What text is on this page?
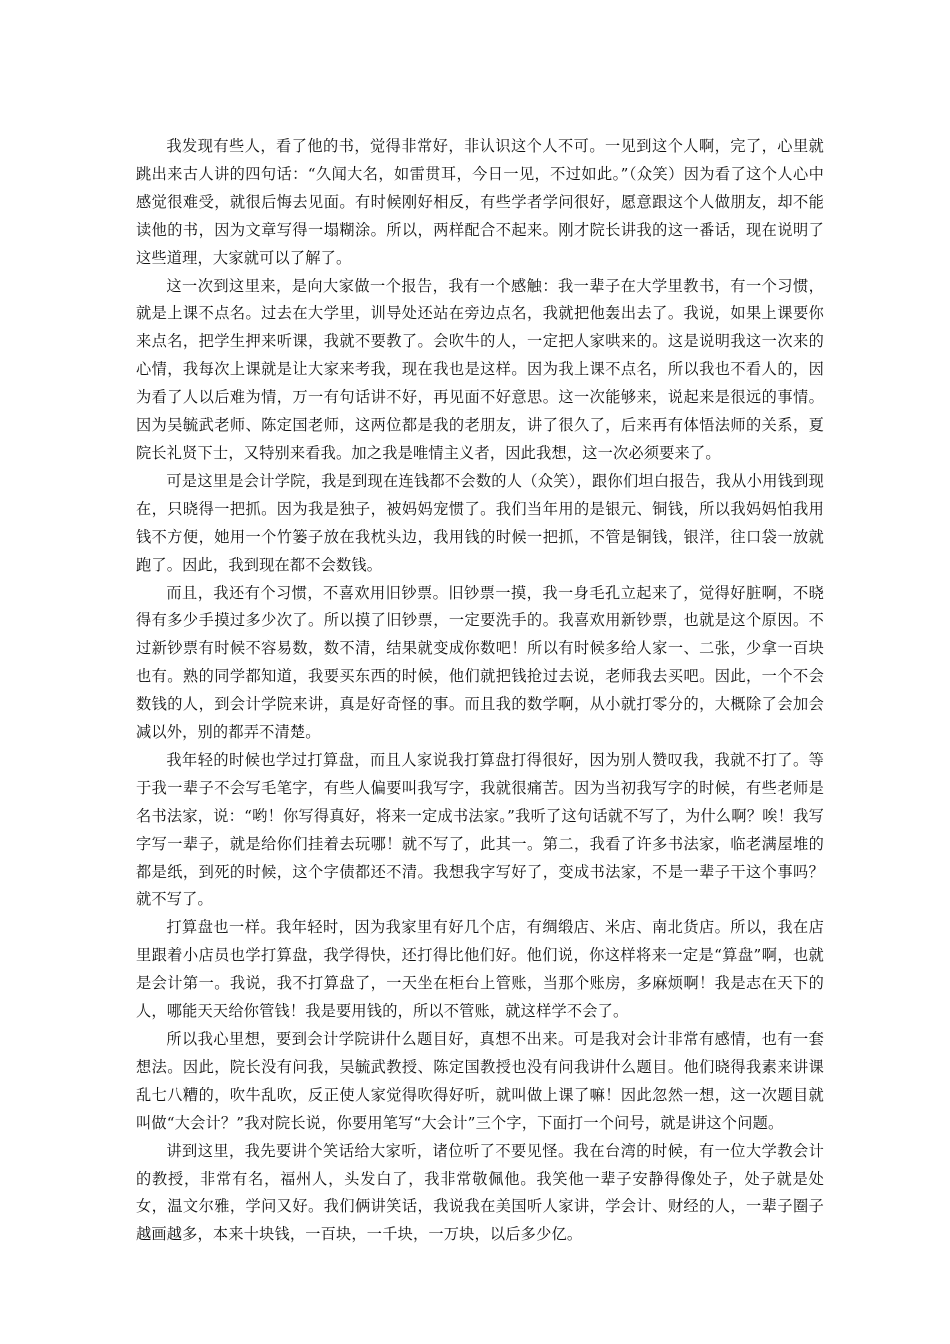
我发现有些人，看了他的书，觉得非常好，非认识这个人不可。一见到这个人啊，完了，心里就跳出来古人讲的四句话：“久闻大名，如雷贯耳，今日一见，不过如此。”（众笑）因为看了这个人心中感觉很难受，就很后悔去见面。有时候刚好相反，有些学者学问很好，愿意跟这个人做朋友，却不能读他的书，因为文章写得一塌糊涂。所以，两样配合不起来。刚才院长讲我的这一番话，现在说明了这些道理，大家就可以了解了。

这一次到这里来，是向大家做一个报告，我有一个感触：我一辈子在大学里教书，有一个习惯，就是上课不点名。过去在大学里，训导处还站在旁边点名，我就把他轰出去了。我说，如果上课要你来点名，把学生押来听课，我就不要教了。会吹牛的人，一定把人家哄来的。这是说明我这一次来的心情，我每次上课就是让大家来考我，现在我也是这样。因为我上课不点名，所以我也不看人的，因为看了人以后难为情，万一有句话讲不好，再见面不好意思。这一次能够来，说起来是很远的事情。因为吴毓武老师、陈定国老师，这两位都是我的老朋友，讲了很久了，后来再有体悟法师的关系，夏院长礼贤下士，又特别来看我。加之我是唯情主义者，因此我想，这一次必须要来了。

可是这里是会计学院，我是到现在连钱都不会数的人（众笑），跟你们坦白报告，我从小用钱到现在，只晓得一把抓。因为我是独子，被妈妈宠惯了。我们当年用的是银元、铜钱，所以我妈妈怕我用钱不方便，她用一个竹篓子放在我枕头边，我用钱的时候一把抓，不管是铜钱，银洋，往口袋一放就跑了。因此，我到现在都不会数钱。

而且，我还有个习惯，不喜欢用旧钞票。旧钞票一摸，我一身毛孔立起来了，觉得好脏啊，不晓得有多少手摸过多少次了。所以摸了旧钞票，一定要洗手的。我喜欢用新钞票，也就是这个原因。不过新钞票有时候不容易数，数不清，结果就变成你数吧！所以有时候多给人家一、二张，少拿一百块也有。熟的同学都知道，我要买东西的时候，他们就把钱抢过去说，老师我去买吧。因此，一个不会数钱的人，到会计学院来讲，真是好奇怪的事。而且我的数学啊，从小就打零分的，大概除了会加会减以外，别的都弄不清楚。

我年轻的时候也学过打算盘，而且人家说我打算盘打得很好，因为别人赞叹我，我就不打了。等于我一辈子不会写毛笔字，有些人偏要叫我写字，我就很痛苦。因为当初我写字的时候，有些老师是名书法家，说：“哟！你写得真好，将来一定成书法家。”我听了这句话就不写了，为什么啊？唉！我写字写一辈子，就是给你们挂着去玩哪！就不写了，此其一。第二，我看了许多书法家，临老满屋堆的都是纸，到死的时候，这个字债都还不清。我想我字写好了，变成书法家，不是一辈子干这个事吗？就不写了。

打算盘也一样。我年轻时，因为我家里有好几个店，有绸缎店、米店、南北货店。所以，我在店里跟着小店员也学打算盘，我学得快，还打得比他们好。他们说，你这样将来一定是“算盘”啊，也就是会计第一。我说，我不打算盘了，一天坐在柜台上管账，当那个账房，多麻烦啊！我是志在天下的人，哪能天天给你管钱！我是要用钱的，所以不管账，就这样学不会了。

所以我心里想，要到会计学院讲什么题目好，真想不出来。可是我对会计非常有感情，也有一套想法。因此，院长没有问我，吴毓武教授、陈定国教授也没有问我讲什么题目。他们晓得我素来讲课乱七八糟的，吹牛乱吹，反正使人家觉得吹得好听，就叫做上课了嘛！因此忽然一想，这一次题目就叫做“大会计？”我对院长说，你要用笔写“大会计”三个字，下面打一个问号，就是讲这个问题。

讲到这里，我先要讲个笑话给大家听，诸位听了不要见怪。我在台湾的时候，有一位大学教会计的教授，非常有名，福州人，头发白了，我非常敬佩他。我笑他一辈子安静得像处子，处子就是处女，温文尔雅，学问又好。我们俩讲笑话，我说我在美国听人家讲，学会计、财经的人，一辈子圈子越画越多，本来十块钱，一百块，一千块，一万块，以后多少亿。
